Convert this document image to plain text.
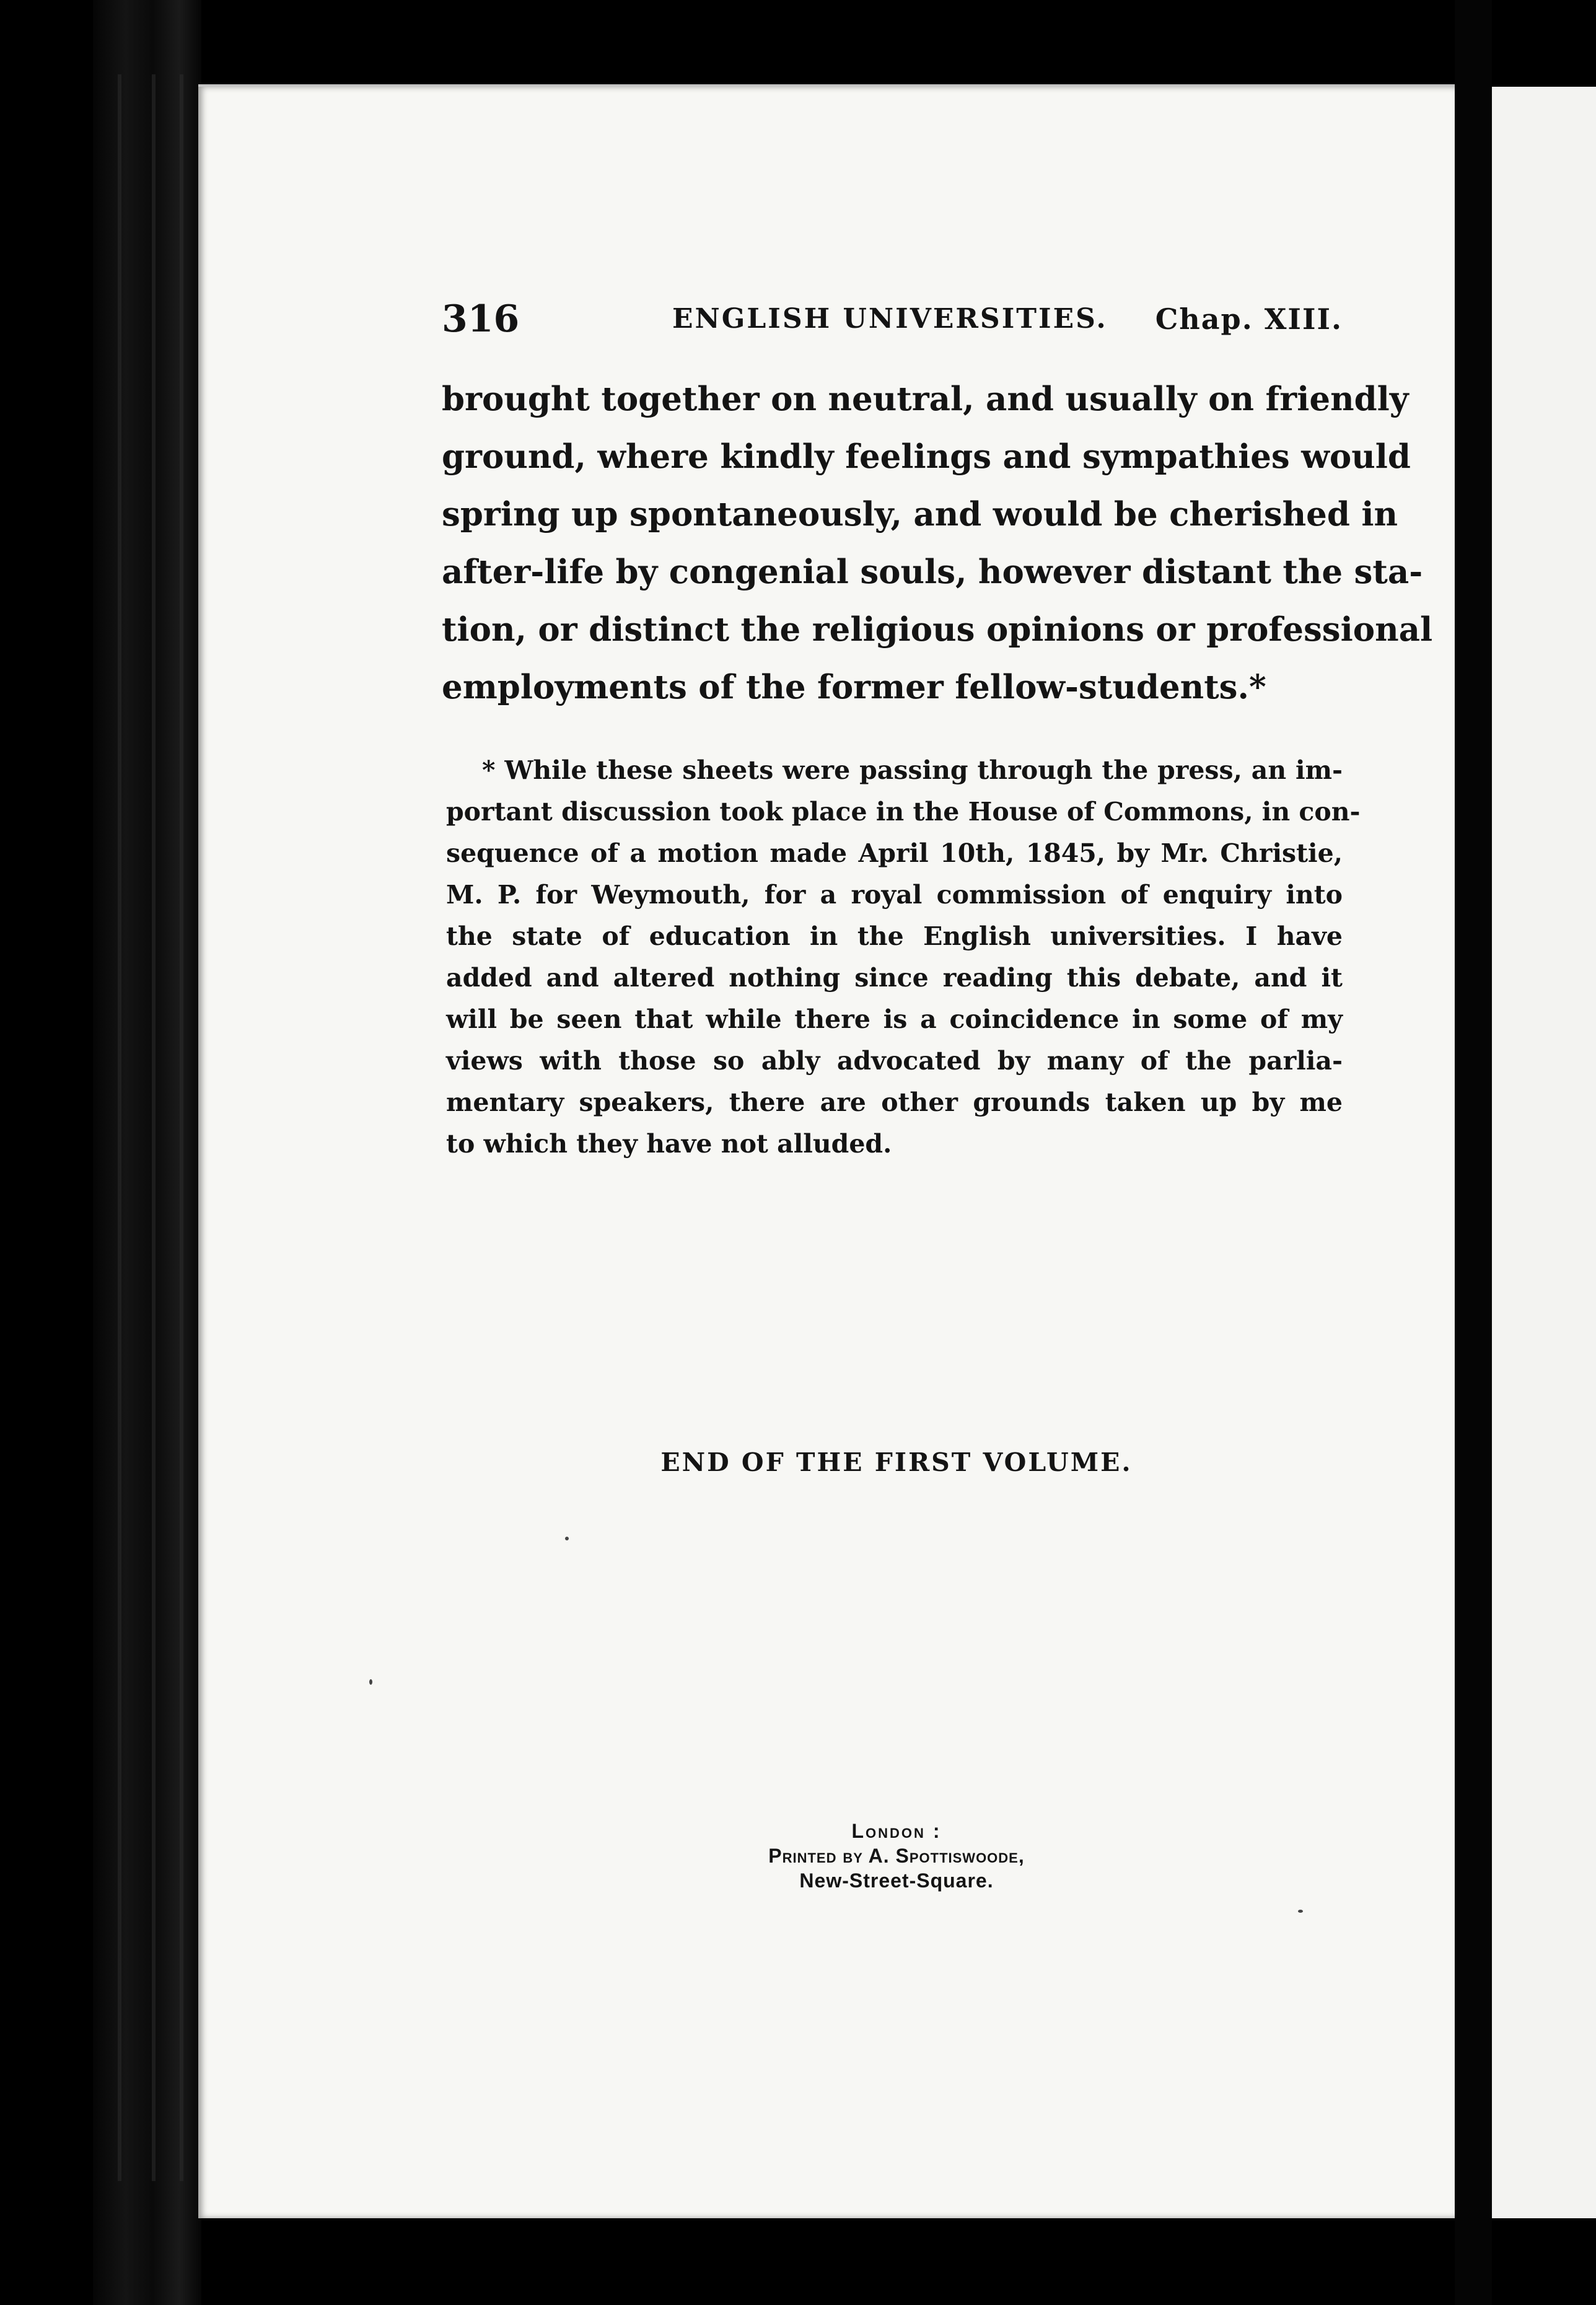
316	ENGLISH UNIVERSITIES. Chap. XIII.
brought together on neutral, and usually on friendly
ground, where kindly feelings and sympathies would
spring up spontaneously, and would be cherished in
after-life by congenial souls, however distant the sta-
tion, or distinct the religious opinions or professional
employments of the former fellow-students.*
* While these sheets were passing through the press, an im-
portant discussion took place in the House of Commons, in con-
sequence of a motion made April 10th, 1845, by Mr. Christie,
M. P. for Weymouth, for a royal commission of enquiry into
the state of education in the English universities. I have
added and altered nothing since reading this debate, and it
will be seen that while there is a coincidence in some of my
views with those so ably advocated by many of the parlia-
mentary speakers, there are other grounds taken up by me
to which they have not alluded.
END OF THE FIRST VOLUME.
London :
Printed by A. Spottiswoode,
New-Street-Square.
